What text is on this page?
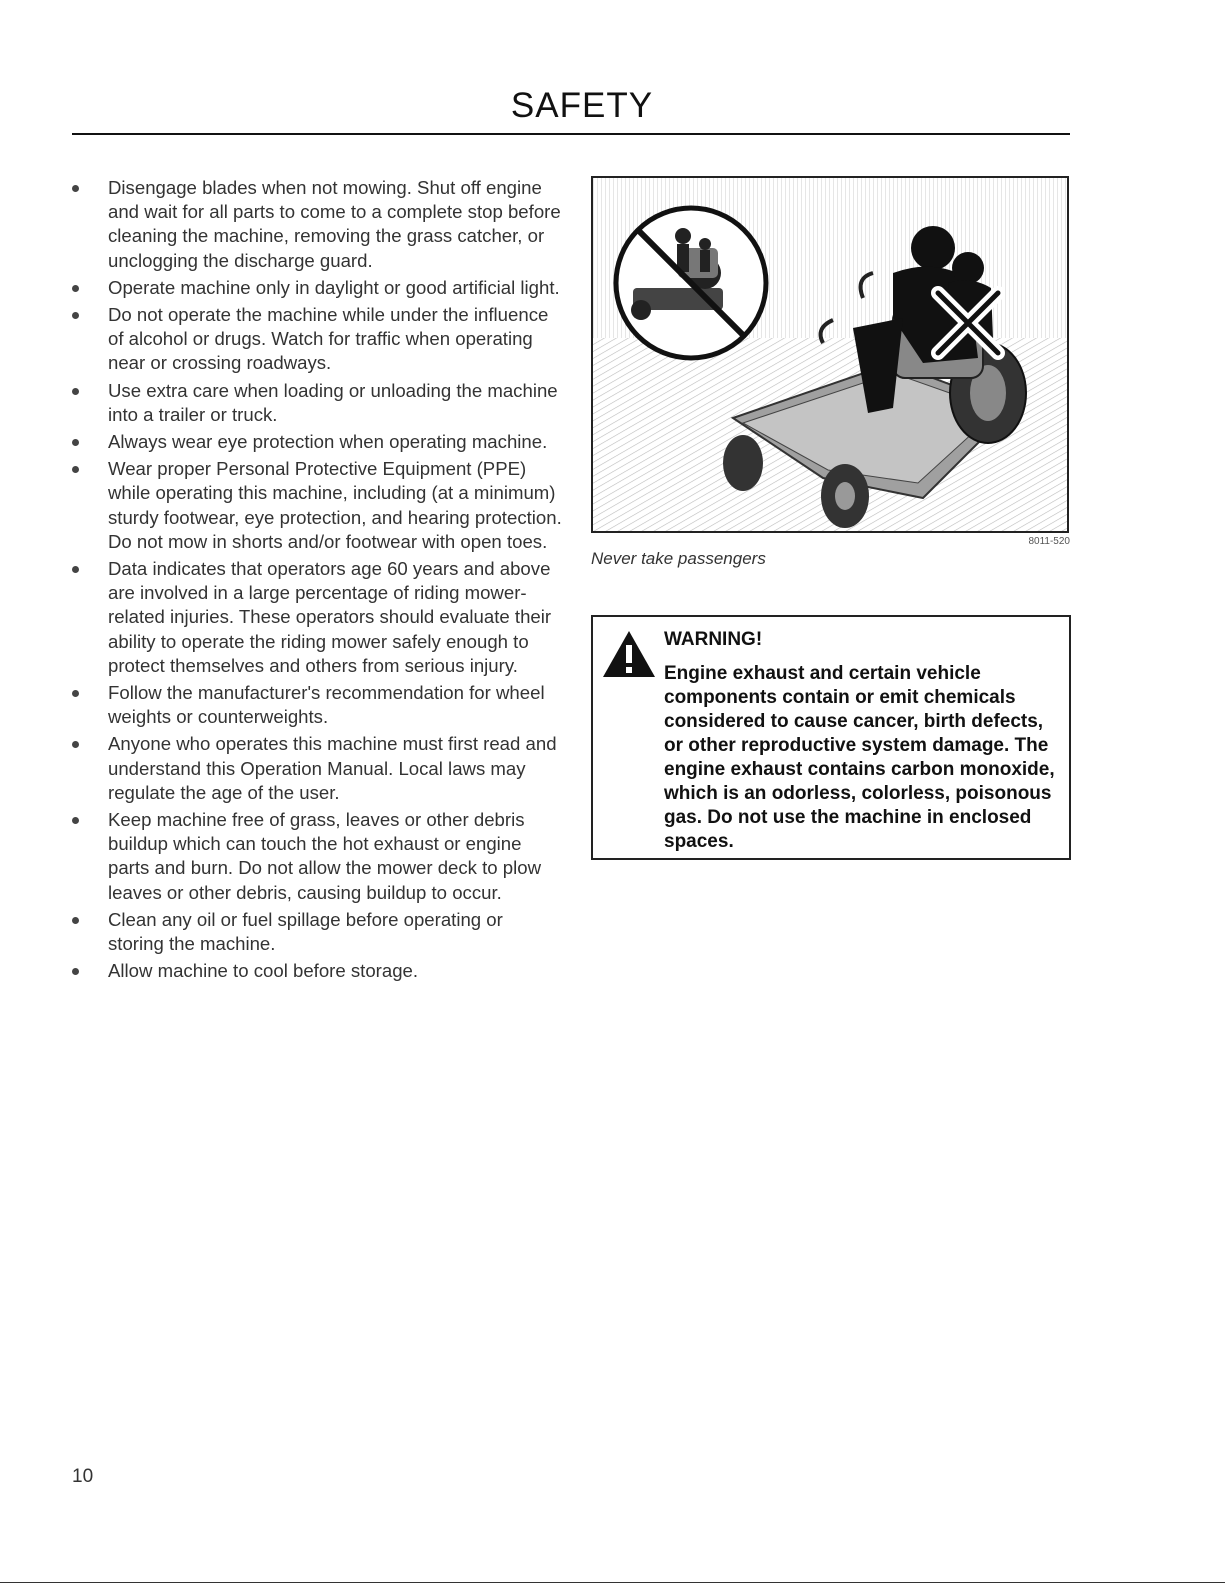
SAFETY
Disengage blades when not mowing. Shut off engine and wait for all parts to come to a complete stop before cleaning the machine, removing the grass catcher, or unclogging the discharge guard.
Operate machine only in daylight or good artificial light.
Do not operate the machine while under the influence of alcohol or drugs. Watch for traffic when operating near or crossing roadways.
Use extra care when loading or unloading the machine into a trailer or truck.
Always wear eye protection when operating machine.
Wear proper Personal Protective Equipment (PPE) while operating this machine, including (at a minimum) sturdy footwear, eye protection, and hearing protection. Do not mow in shorts and/or footwear with open toes.
Data indicates that operators age 60 years and above are involved in a large percentage of riding mower-related injuries. These operators should evaluate their ability to operate the riding mower safely enough to protect themselves and others from serious injury.
Follow the manufacturer's recommendation for wheel weights or counterweights.
Anyone who operates this machine must first read and understand this Operation Manual. Local laws may regulate the age of the user.
Keep machine free of grass, leaves or other debris buildup which can touch the hot exhaust or engine parts and burn. Do not allow the mower deck to plow leaves or other debris, causing buildup to occur.
Clean any oil or fuel spillage before operating or storing the machine.
Allow machine to cool before storage.
8011-520
Never take passengers
WARNING!
Engine exhaust and certain vehicle components contain or emit chemicals considered to cause cancer, birth defects, or other reproductive system damage. The engine exhaust contains carbon monoxide, which is an odorless, colorless, poisonous gas. Do not use the machine in enclosed spaces.
10
